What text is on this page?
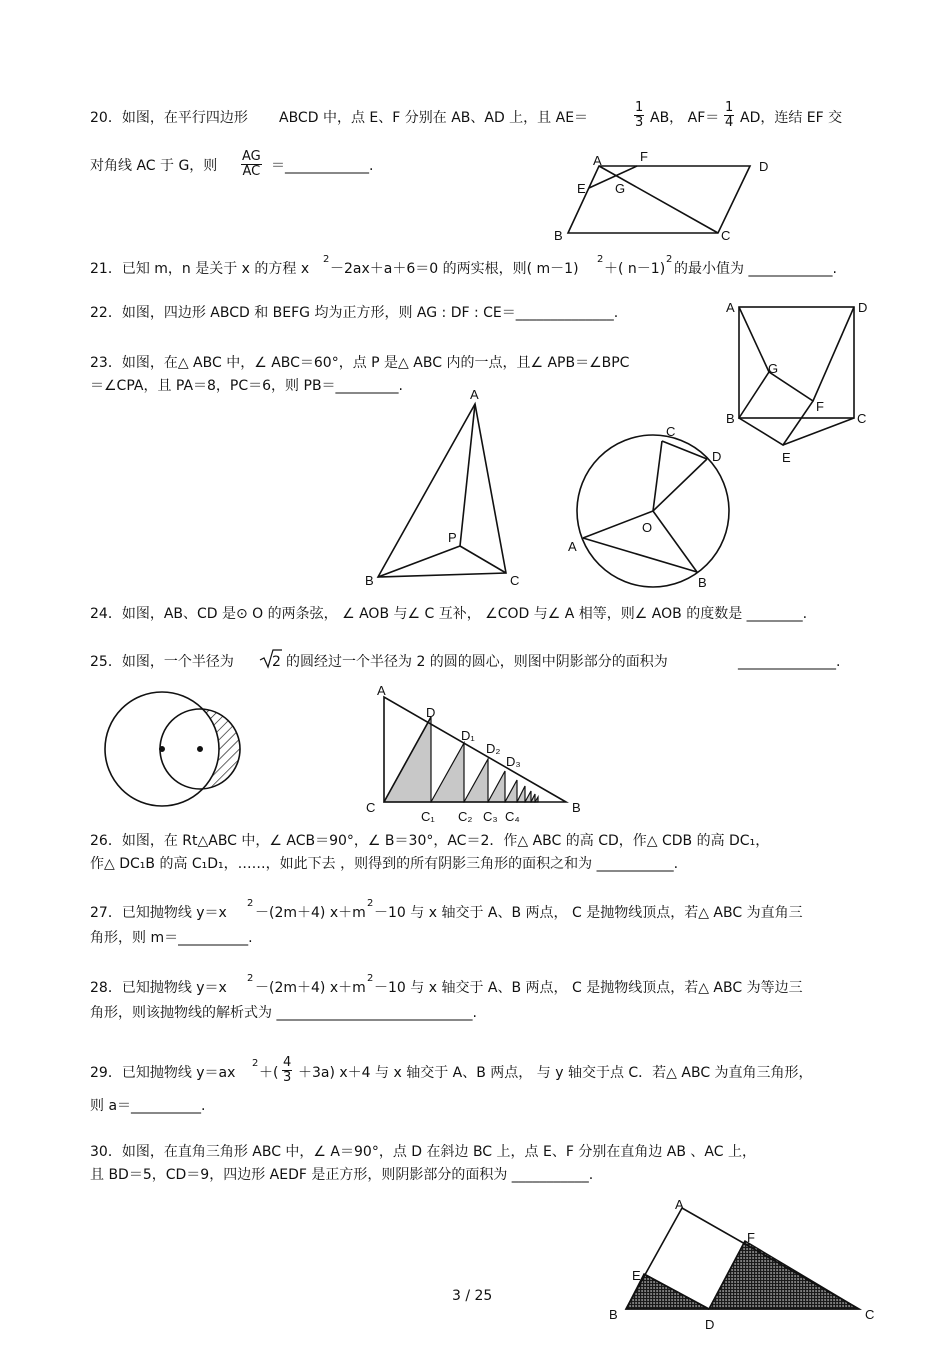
20．如图，在平行四边形 ABCD 中，点 E、F 分别在 AB、AD 上，且 AE＝	$\frac{1}{3}$ AB， $AF= \frac{1}{4}$ AD，连结 EF 交
对角线 AC 于 G，则 $\frac{AG}{AC}$ ＝____________.	A	F
D
E G
B	C
21．已知 m，n 是关于 x 的方程 x
2
－2ax＋a＋6＝0 的两实根，则( m－1)
2
＋( n－1)
2
的最小值为 ____________.
22．如图，四边形 ABCD 和 BEFG 均为正方形，则 AG : DF : CE＝______________.	A	D
G
F
B	C
E
23．如图，在△ ABC 中，∠ ABC＝60°，点 P 是△ ABC 内的一点，且∠ APB＝∠BPC
＝∠CPA，且 PA＝8，PC＝6，则 PB＝_________.
A
P
B	C
C
D
O
A
B
24．如图，AB、CD 是⊙ O 的两条弦， ∠ AOB 与∠ C 互补， ∠COD 与∠ A 相等，则∠ AOB 的度数是 ________.
25．如图，一个半径为	2 的圆经过一个半径为 2 的圆的圆心，则图中阴影部分的面积为	______________.
A
D
D₁
D₂
D₃
C
C₁ C₂ C₃ C₄
B
26．如图，在 Rt△ABC 中，∠ ACB＝90°，∠ B＝30°，AC＝2．作△ ABC 的高 CD，作△ CDB 的高 DC₁，
作△ DC₁B 的高 C₁D₁，……，如此下去 ，则得到的所有阴影三角形的面积之和为 ___________.
27．已知抛物线 y＝x
2
－(2m＋4) x＋m
2
－10 与 x 轴交于 A、B 两点， C 是抛物线顶点，若△ ABC 为直角三
角形，则 m＝__________.
28．已知抛物线 y＝x
2
－(2m＋4) x＋m
2
－10 与 x 轴交于 A、B 两点， C 是抛物线顶点，若△ ABC 为等边三
角形，则该抛物线的解析式为 ____________________________.
29．已知抛物线 y＝ax
2
＋( $\frac{4}{3} +3a$) x＋4 与 x 轴交于 A、B 两点， 与 y 轴交于点 C．若△ ABC 为直角三角形，
则 a＝__________.
30．如图，在直角三角形 ABC 中，∠ A＝90°，点 D 在斜边 BC 上，点 E、F 分别在直角边 AB 、AC 上，
且 BD＝5，CD＝9，四边形 AEDF 是正方形，则阴影部分的面积为 ___________.
A
F
E
B
D
C
3 / 25
